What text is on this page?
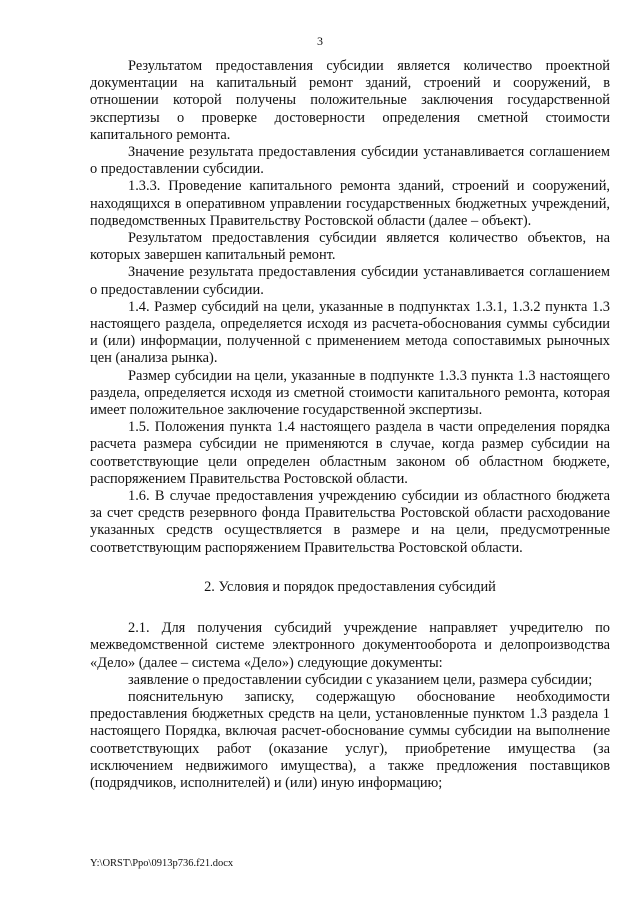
3

Результатом предоставления субсидии является количество проектной документации на капитальный ремонт зданий, строений и сооружений, в отношении которой получены положительные заключения государственной экспертизы о проверке достоверности определения сметной стоимости капитального ремонта.

Значение результата предоставления субсидии устанавливается соглашением о предоставлении субсидии.

1.3.3. Проведение капитального ремонта зданий, строений и сооружений, находящихся в оперативном управлении государственных бюджетных учреждений, подведомственных Правительству Ростовской области (далее – объект).

Результатом предоставления субсидии является количество объектов, на которых завершен капитальный ремонт.

Значение результата предоставления субсидии устанавливается соглашением о предоставлении субсидии.

1.4. Размер субсидий на цели, указанные в подпунктах 1.3.1, 1.3.2 пункта 1.3 настоящего раздела, определяется исходя из расчета-обоснования суммы субсидии и (или) информации, полученной с применением метода сопоставимых рыночных цен (анализа рынка).

Размер субсидии на цели, указанные в подпункте 1.3.3 пункта 1.3 настоящего раздела, определяется исходя из сметной стоимости капитального ремонта, которая имеет положительное заключение государственной экспертизы.

1.5. Положения пункта 1.4 настоящего раздела в части определения порядка расчета размера субсидии не применяются в случае, когда размер субсидии на соответствующие цели определен областным законом об областном бюджете, распоряжением Правительства Ростовской области.

1.6. В случае предоставления учреждению субсидии из областного бюджета за счет средств резервного фонда Правительства Ростовской области расходование указанных средств осуществляется в размере и на цели, предусмотренные соответствующим распоряжением Правительства Ростовской области.

2. Условия и порядок предоставления субсидий

2.1. Для получения субсидий учреждение направляет учредителю по межведомственной системе электронного документооборота и делопроизводства «Дело» (далее – система «Дело») следующие документы:

заявление о предоставлении субсидии с указанием цели, размера субсидии;

пояснительную записку, содержащую обоснование необходимости предоставления бюджетных средств на цели, установленные пунктом 1.3 раздела 1 настоящего Порядка, включая расчет-обоснование суммы субсидии на выполнение соответствующих работ (оказание услуг), приобретение имущества (за исключением недвижимого имущества), а также предложения поставщиков (подрядчиков, исполнителей) и (или) иную информацию;

Y:\ORST\Ppo\0913p736.f21.docx
